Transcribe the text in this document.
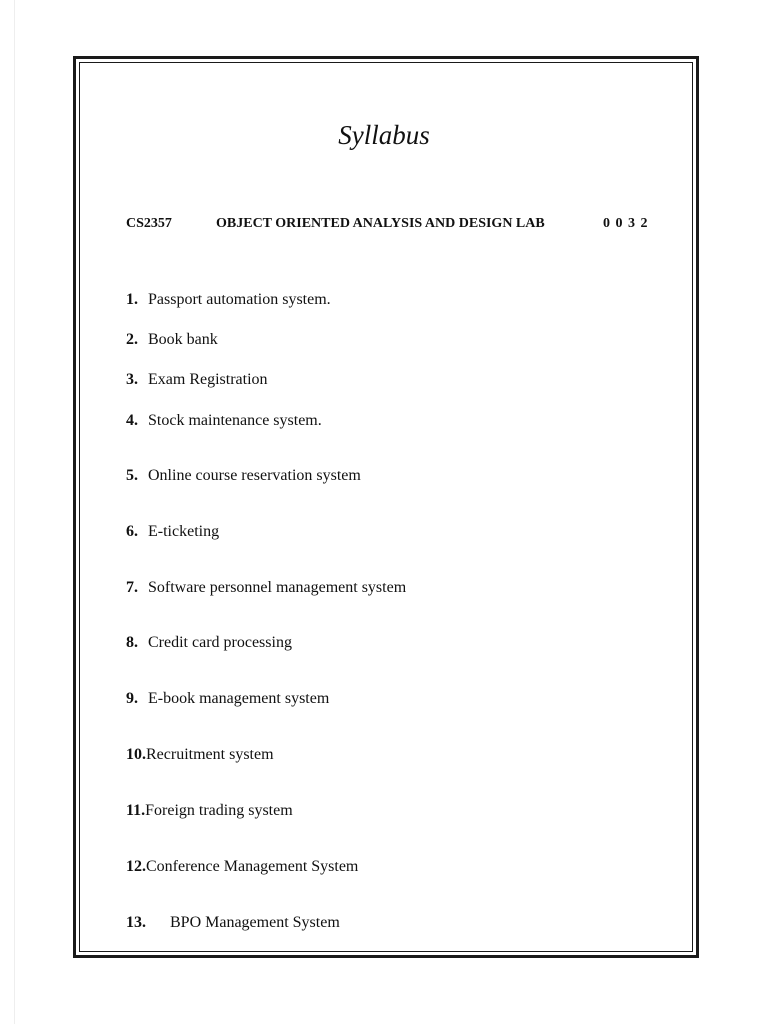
Syllabus
CS2357	OBJECT ORIENTED ANALYSIS AND DESIGN LAB	0 0 3 2
1. Passport automation system.
2. Book bank
3. Exam Registration
4. Stock maintenance system.
5. Online course reservation system
6. E-ticketing
7. Software personnel management system
8. Credit card processing
9. E-book management system
10.Recruitment system
11.Foreign trading system
12.Conference Management System
13. BPO Management System
